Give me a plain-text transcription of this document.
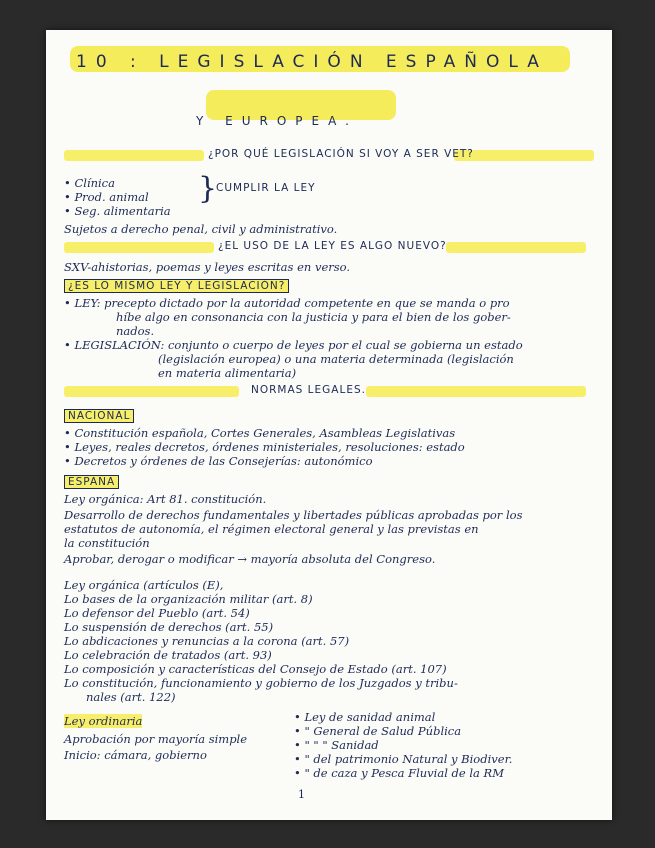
10 : LEGISLACIÓN ESPAÑOLA
Y EUROPEA.
¿POR QUÉ LEGISLACIÓN SI VOY A SER VET?
• Clínica
• Prod. animal
• Seg. alimentaria
}
CUMPLIR LA LEY
Sujetos a derecho penal, civil y administrativo.
¿EL USO DE LA LEY ES ALGO NUEVO?
SXV-ahistorias, poemas y leyes escritas en verso.
¿ES LO MISMO LEY Y LEGISLACIÓN?
• LEY: precepto dictado por la autoridad competente en que se manda o pro
híbe algo en consonancia con la justicia y para el bien de los gober-
nados.
• LEGISLACIÓN: conjunto o cuerpo de leyes por el cual se gobierna un estado
(legislación europea) o una materia determinada (legislación
en materia alimentaria)
NORMAS LEGALES.
NACIONAL
• Constitución española, Cortes Generales, Asambleas Legislativas
• Leyes, reales decretos, órdenes ministeriales, resoluciones: estado
• Decretos y órdenes de las Consejerías: autonómico
ESPAÑA
Ley orgánica: Art 81. constitución.
Desarrollo de derechos fundamentales y libertades públicas aprobadas por los
estatutos de autonomía, el régimen electoral general y las previstas en
la constitución
Aprobar, derogar o modificar → mayoría absoluta del Congreso.
Ley orgánica (artículos (E),
Lo bases de la organización militar (art. 8)
Lo defensor del Pueblo (art. 54)
Lo suspensión de derechos (art. 55)
Lo abdicaciones y renuncias a la corona (art. 57)
Lo celebración de tratados (art. 93)
Lo composición y características del Consejo de Estado (art. 107)
Lo constitución, funcionamiento y gobierno de los Juzgados y tribu-
nales (art. 122)
Ley ordinaria
Aprobación por mayoría simple
Inicio: cámara, gobierno
• Ley de sanidad animal
• " General de Salud Pública
• " " " Sanidad
• " del patrimonio Natural y Biodiver.
• " de caza y Pesca Fluvial de la RM
1
